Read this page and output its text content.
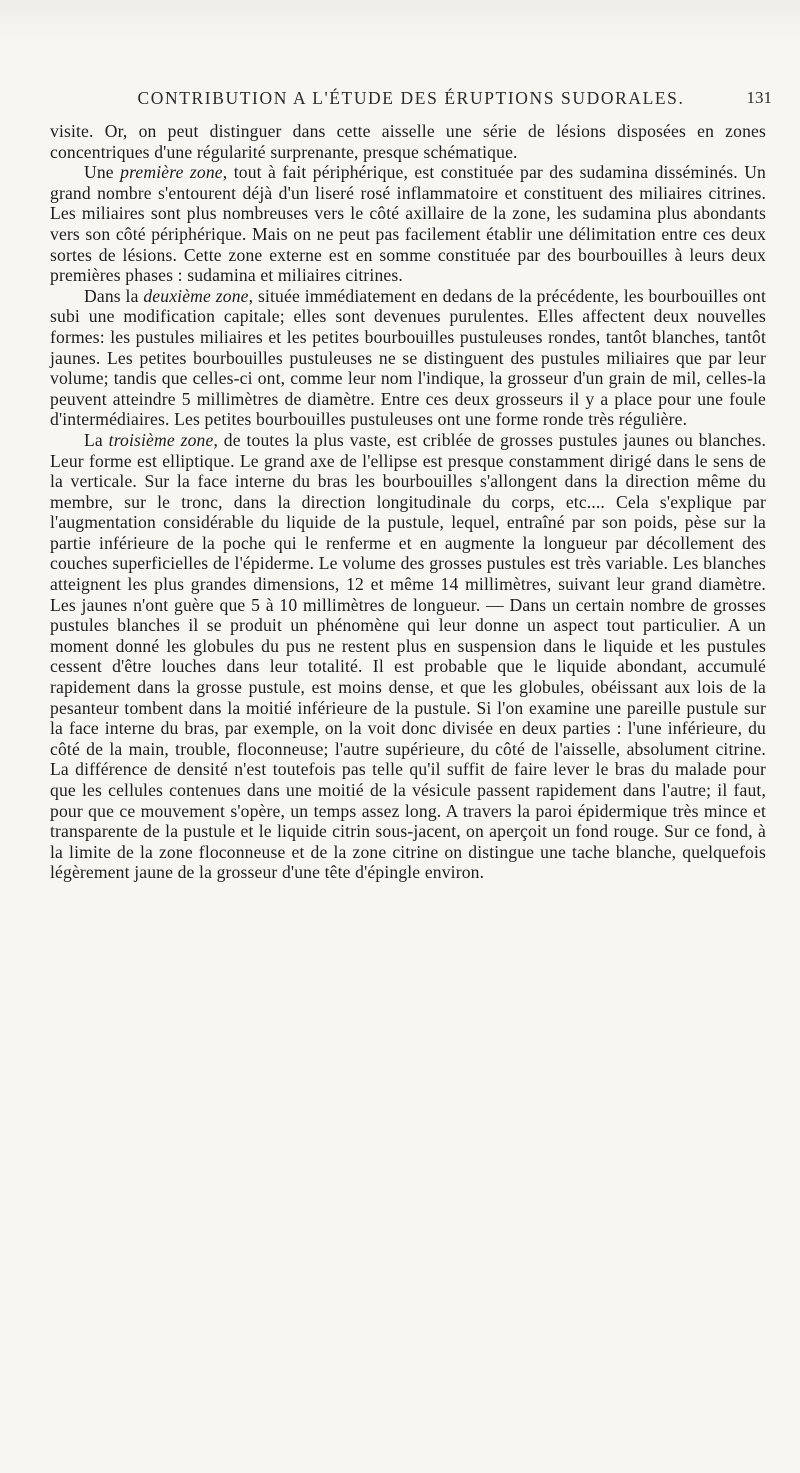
CONTRIBUTION A L'ÉTUDE DES ÉRUPTIONS SUDORALES.	131

visite. Or, on peut distinguer dans cette aisselle une série de lésions disposées en zones concentriques d'une régularité surprenante, presque schématique.

Une première zone, tout à fait périphérique, est constituée par des sudamina disséminés. Un grand nombre s'entourent déjà d'un liseré rosé inflammatoire et constituent des miliaires citrines. Les miliaires sont plus nombreuses vers le côté axillaire de la zone, les sudamina plus abondants vers son côté périphérique. Mais on ne peut pas facilement établir une délimitation entre ces deux sortes de lésions. Cette zone externe est en somme constituée par des bourbouilles à leurs deux premières phases : sudamina et miliaires citrines.

Dans la deuxième zone, située immédiatement en dedans de la précédente, les bourbouilles ont subi une modification capitale; elles sont devenues purulentes. Elles affectent deux nouvelles formes: les pustules miliaires et les petites bourbouilles pustuleuses rondes, tantôt blanches, tantôt jaunes. Les petites bourbouilles pustuleuses ne se distinguent des pustules miliaires que par leur volume; tandis que celles-ci ont, comme leur nom l'indique, la grosseur d'un grain de mil, celles-la peuvent atteindre 5 millimètres de diamètre. Entre ces deux grosseurs il y a place pour une foule d'intermédiaires. Les petites bourbouilles pustuleuses ont une forme ronde très régulière.

La troisième zone, de toutes la plus vaste, est criblée de grosses pustules jaunes ou blanches. Leur forme est elliptique. Le grand axe de l'ellipse est presque constamment dirigé dans le sens de la verticale. Sur la face interne du bras les bourbouilles s'allongent dans la direction même du membre, sur le tronc, dans la direction longitudinale du corps, etc.... Cela s'explique par l'augmentation considérable du liquide de la pustule, lequel, entraîné par son poids, pèse sur la partie inférieure de la poche qui le renferme et en augmente la longueur par décollement des couches superficielles de l'épiderme. Le volume des grosses pustules est très variable. Les blanches atteignent les plus grandes dimensions, 12 et même 14 millimètres, suivant leur grand diamètre. Les jaunes n'ont guère que 5 à 10 millimètres de longueur. — Dans un certain nombre de grosses pustules blanches il se produit un phénomène qui leur donne un aspect tout particulier. A un moment donné les globules du pus ne restent plus en suspension dans le liquide et les pustules cessent d'être louches dans leur totalité. Il est probable que le liquide abondant, accumulé rapidement dans la grosse pustule, est moins dense, et que les globules, obéissant aux lois de la pesanteur tombent dans la moitié inférieure de la pustule. Si l'on examine une pareille pustule sur la face interne du bras, par exemple, on la voit donc divisée en deux parties : l'une inférieure, du côté de la main, trouble, floconneuse; l'autre supérieure, du côté de l'aisselle, absolument citrine. La différence de densité n'est toutefois pas telle qu'il suffit de faire lever le bras du malade pour que les cellules contenues dans une moitié de la vésicule passent rapidement dans l'autre; il faut, pour que ce mouvement s'opère, un temps assez long. A travers la paroi épidermique très mince et transparente de la pustule et le liquide citrin sous-jacent, on aperçoit un fond rouge. Sur ce fond, à la limite de la zone floconneuse et de la zone citrine on distingue une tache blanche, quelquefois légèrement jaune de la grosseur d'une tête d'épingle environ.
